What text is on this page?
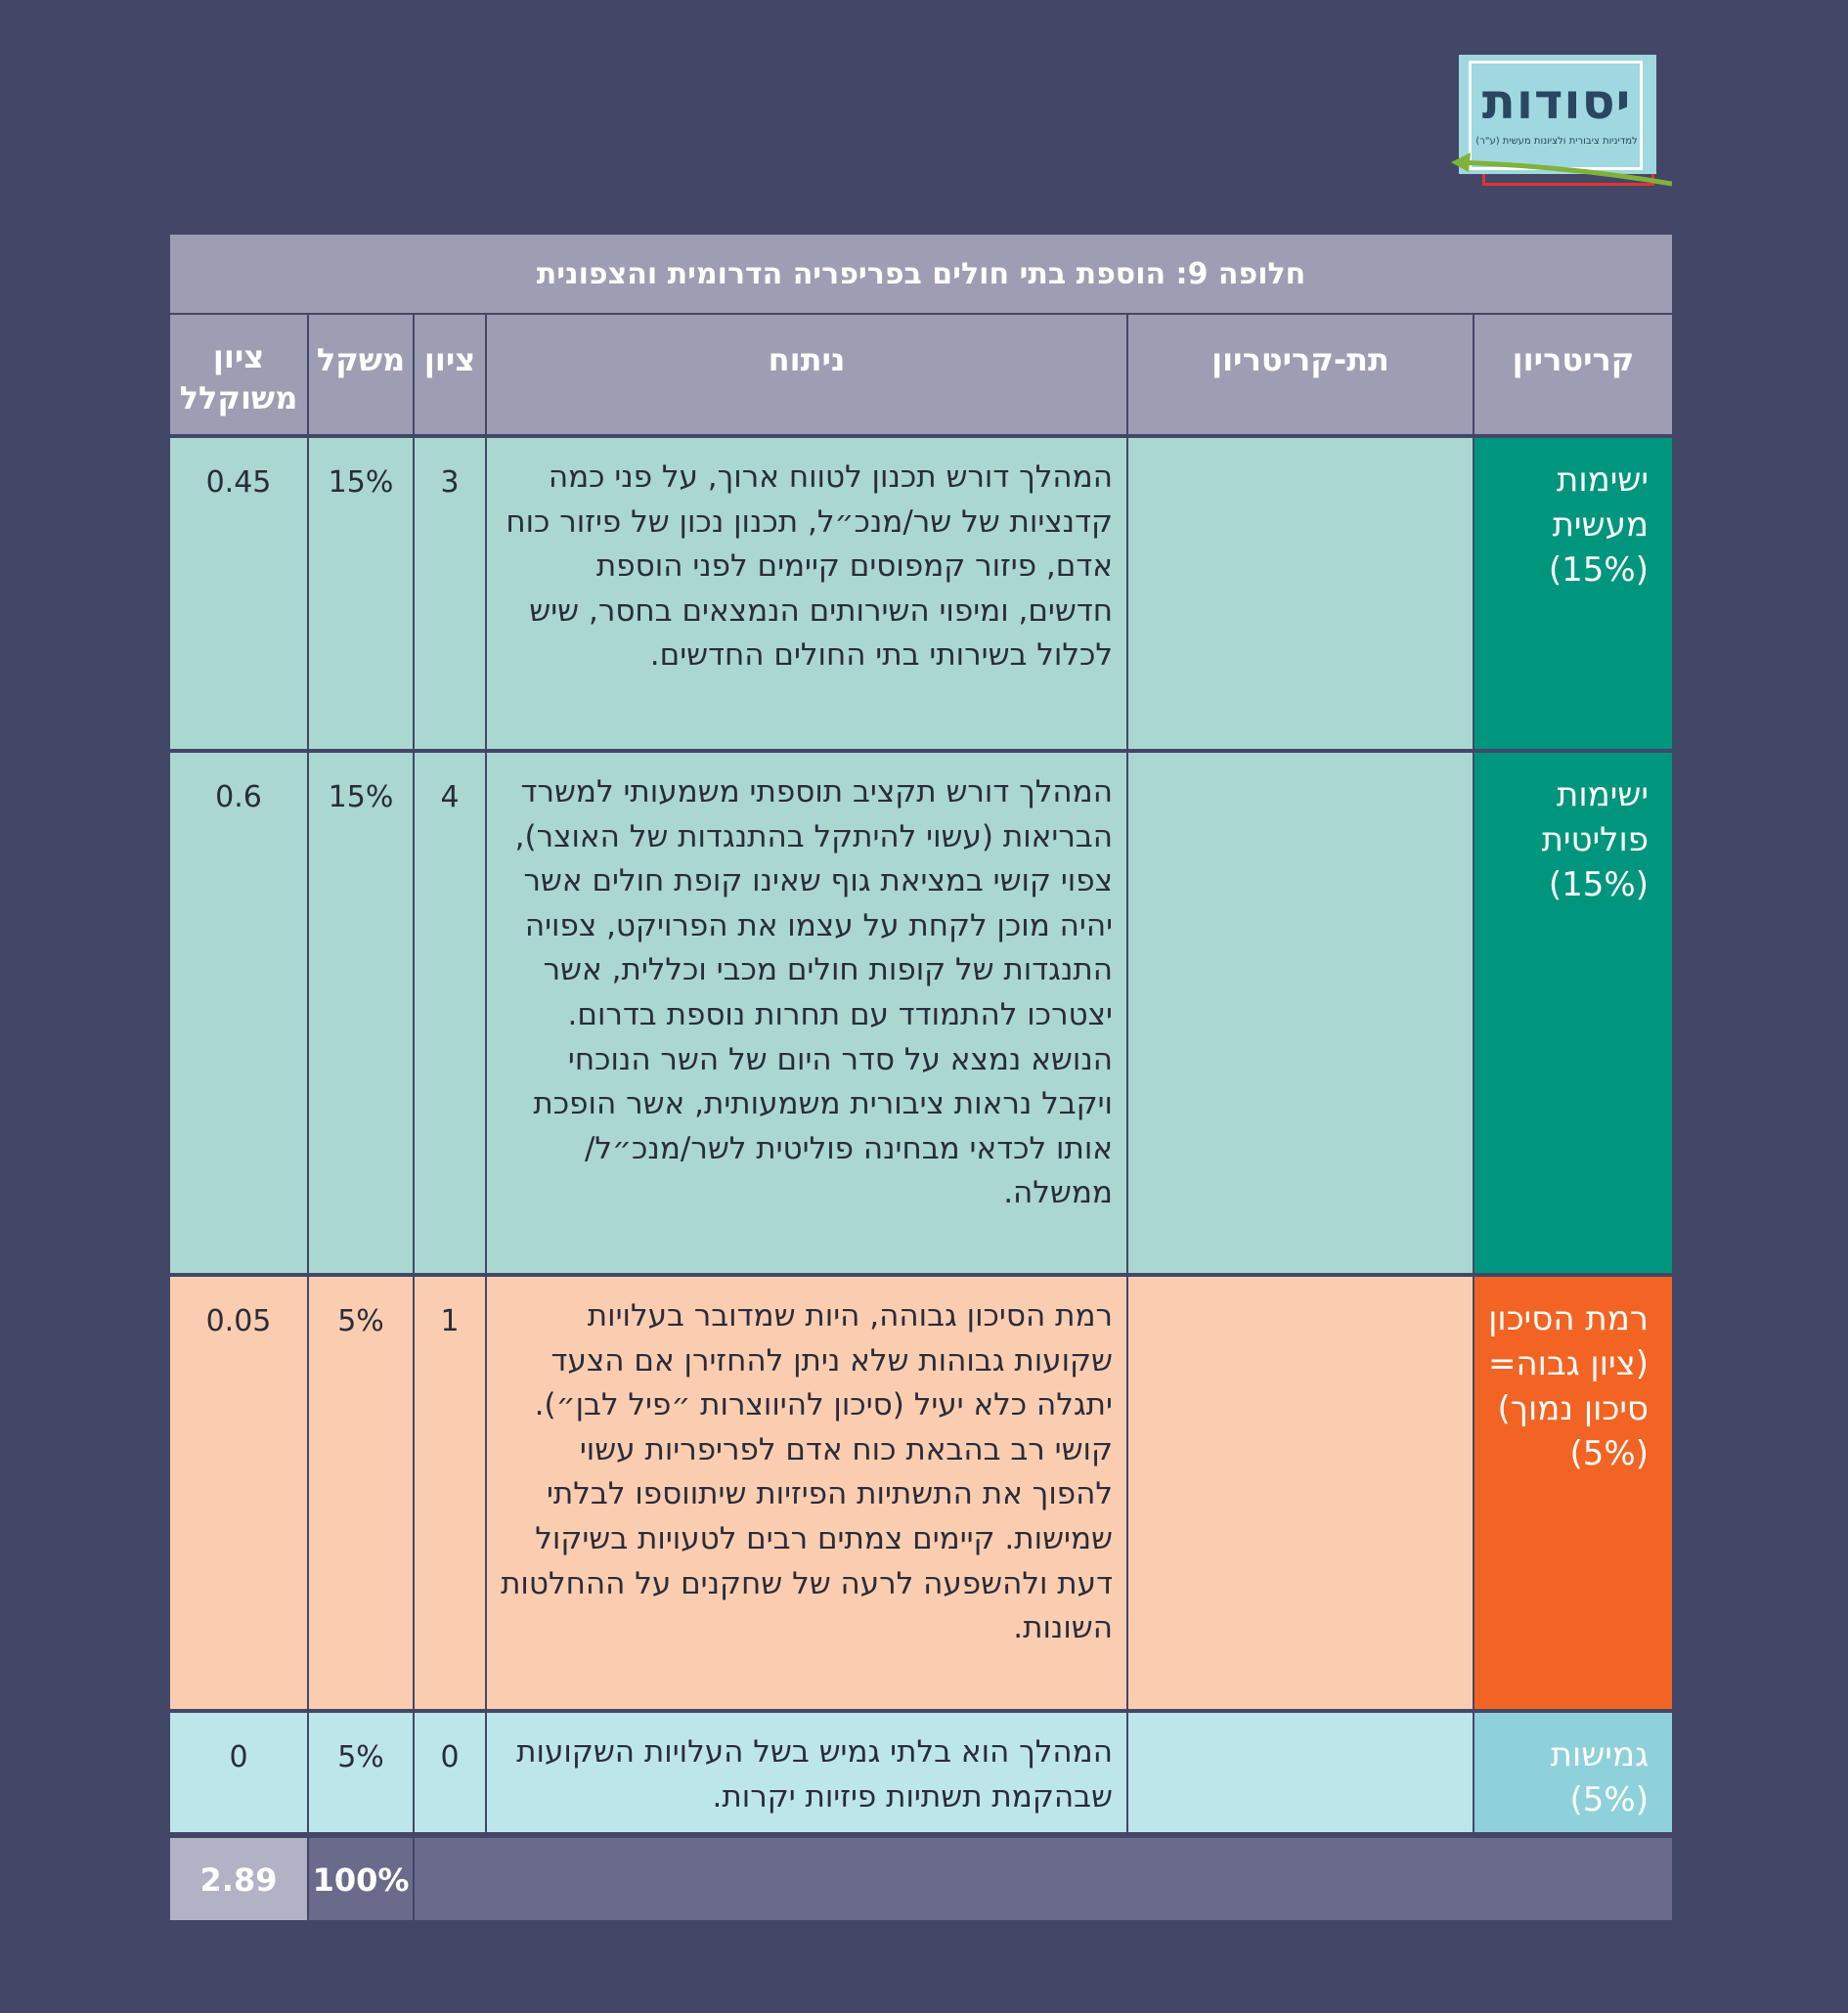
יסודות
למדיניות ציבורית ולציונות מעשית (ע"ר)
חלופה 9: הוספת בתי חולים בפריפריה הדרומית והצפונית
קריטריון
תת-קריטריון
ניתוח
ציון
משקל
ציון משוקלל
ישימות מעשית (15%)
המהלך דורש תכנון לטווח ארוך, על פני כמה קדנציות של שר/מנכ״ל, תכנון נכון של פיזור כוח אדם, פיזור קמפוסים קיימים לפני הוספת חדשים, ומיפוי השירותים הנמצאים בחסר, שיש לכלול בשירותי בתי החולים החדשים.
3
15%
0.45
ישימות פוליטית (15%)
המהלך דורש תקציב תוספתי משמעותי למשרד הבריאות (עשוי להיתקל בהתנגדות של האוצר), צפוי קושי במציאת גוף שאינו קופת חולים אשר יהיה מוכן לקחת על עצמו את הפרויקט, צפויה התנגדות של קופות חולים מכבי וכללית, אשר יצטרכו להתמודד עם תחרות נוספת בדרום. הנושא נמצא על סדר היום של השר הנוכחי ויקבל נראות ציבורית משמעותית, אשר הופכת אותו לכדאי מבחינה פוליטית לשר/מנכ״ל/ ממשלה.
4
15%
0.6
רמת הסיכון (ציון גבוה= סיכון נמוך) (5%)
רמת הסיכון גבוהה, היות שמדובר בעלויות שקועות גבוהות שלא ניתן להחזירן אם הצעד יתגלה כלא יעיל (סיכון להיווצרות ״פיל לבן״). קושי רב בהבאת כוח אדם לפריפריות עשוי להפוך את התשתיות הפיזיות שיתווספו לבלתי שמישות. קיימים צמתים רבים לטעויות בשיקול דעת ולהשפעה לרעה של שחקנים על ההחלטות השונות.
1
5%
0.05
גמישות (5%)
המהלך הוא בלתי גמיש בשל העלויות השקועות שבהקמת תשתיות פיזיות יקרות.
0
5%
0
100%
2.89
